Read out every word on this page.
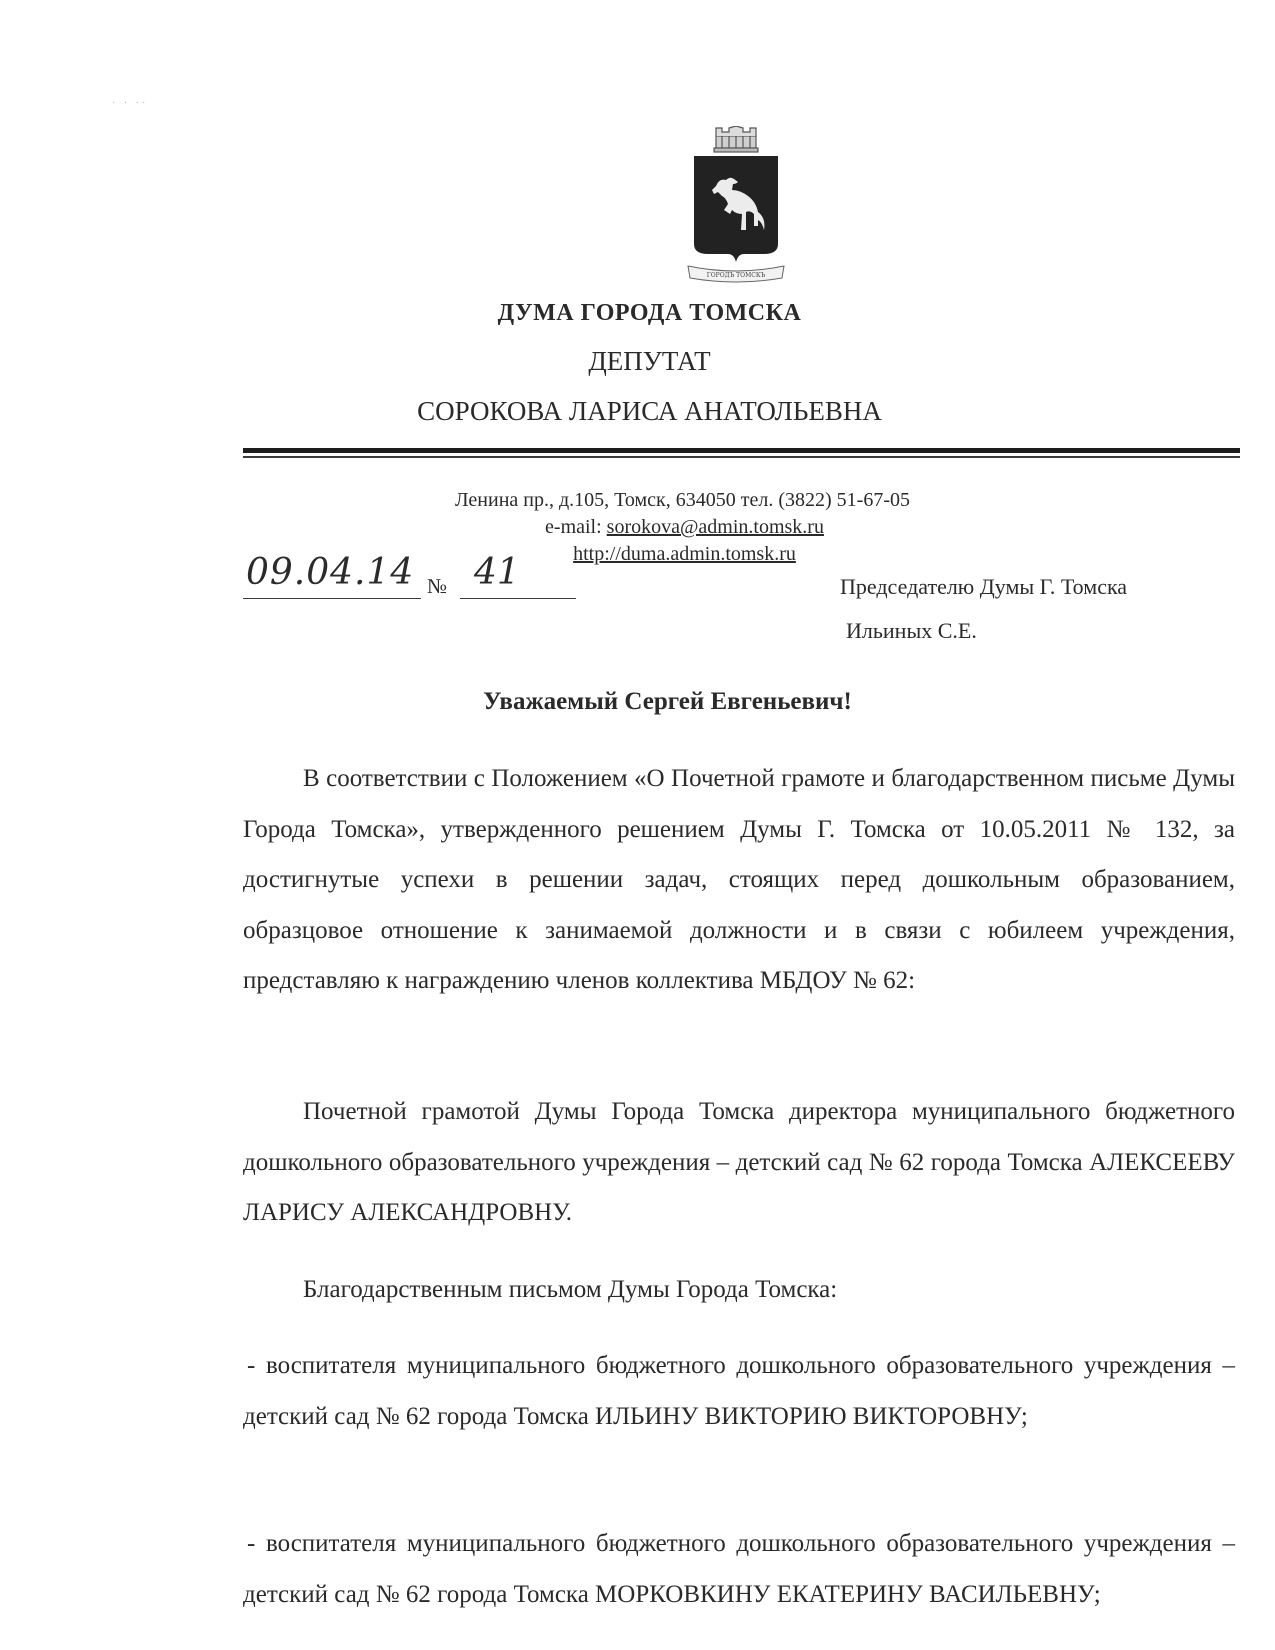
· · ··
ГОРОДЪ ТОМСКЪ
ДУМА ГОРОДА ТОМСКА
ДЕПУТАТ
СОРОКОВА ЛАРИСА АНАТОЛЬЕВНА
Ленина пр., д.105, Томск, 634050 тел. (3822) 51-67-05
e-mail: sorokova@admin.tomsk.ru
http://duma.admin.tomsk.ru
09.04.14 № 41	Председателю Думы Г. Томска
Ильиных С.Е.
Уважаемый Сергей Евгеньевич!

В соответствии с Положением «О Почетной грамоте и благодарственном письме Думы Города Томска», утвержденного решением Думы Г. Томска от 10.05.2011 № 132, за достигнутые успехи в решении задач, стоящих перед дошкольным образованием, образцовое отношение к занимаемой должности и в связи с юбилеем учреждения, представляю к награждению членов коллектива МБДОУ № 62:

Почетной грамотой Думы Города Томска директора муниципального бюджетного дошкольного образовательного учреждения – детский сад № 62 города Томска АЛЕКСЕЕВУ ЛАРИСУ АЛЕКСАНДРОВНУ.

Благодарственным письмом Думы Города Томска:

- воспитателя муниципального бюджетного дошкольного образовательного учреждения – детский сад № 62 города Томска ИЛЬИНУ ВИКТОРИЮ ВИКТОРОВНУ;

- воспитателя муниципального бюджетного дошкольного образовательного учреждения – детский сад № 62 города Томска МОРКОВКИНУ ЕКАТЕРИНУ ВАСИЛЬЕВНУ;
